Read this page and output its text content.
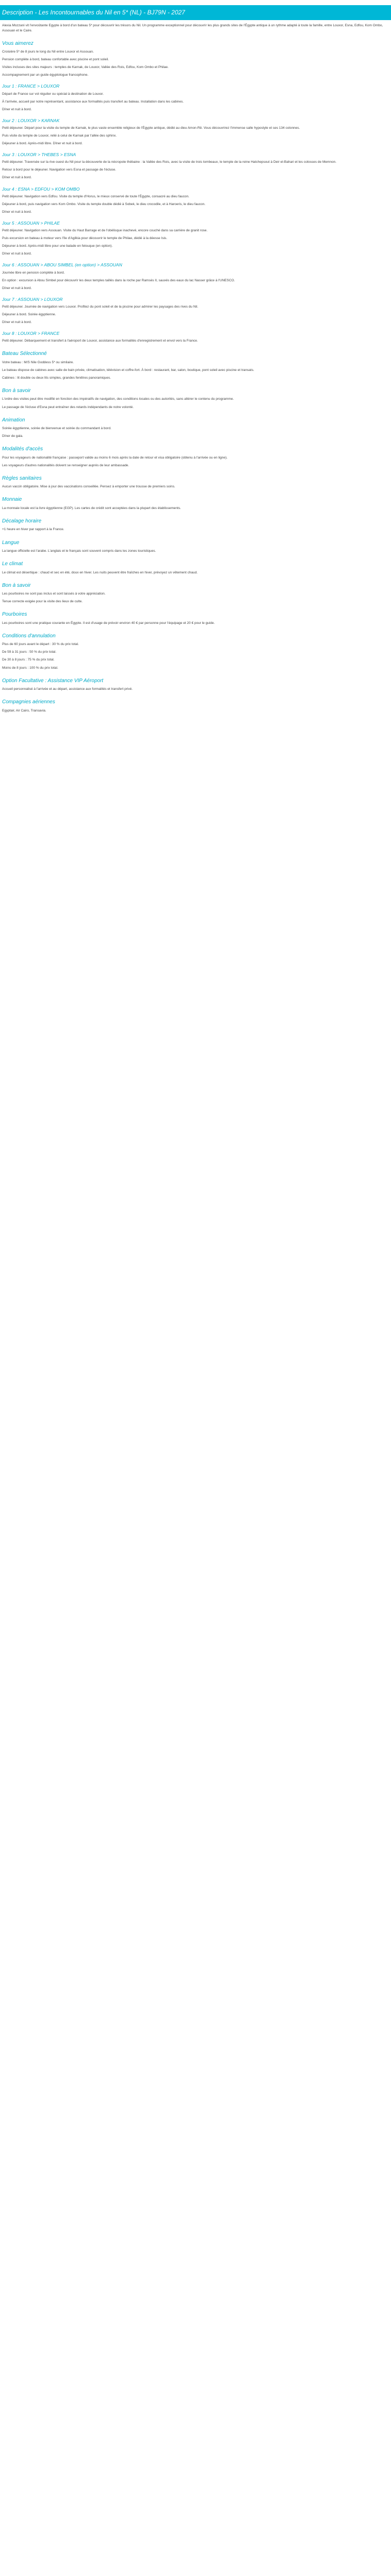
Description - Les Incontournables du Nil en 5* (NL) - BJ79N - 2027
Alexia Mozzani vit l'envoûtante Egypte à bord d'un bateau 5* pour découvrir les trésors du Nil. Un programme exceptionnel pour découvrir les plus grands sites de l'Égypte antique à un rythme adapté à toute la famille, entre Louxor, Esna, Edfou, Kom Ombo, Assouan et le Caire.
Vous aimerez

Croisière 5* de 8 jours le long du Nil entre Louxor et Assouan.

Pension complète à bord, bateau confortable avec piscine et pont soleil.

Visites incluses des sites majeurs : temples de Karnak, de Louxor, Vallée des Rois, Edfou, Kom Ombo et Philae.

Accompagnement par un guide égyptologue francophone.

Jour 1 : FRANCE > LOUXOR

Départ de France sur vol régulier ou spécial à destination de Louxor.

À l'arrivée, accueil par notre représentant, assistance aux formalités puis transfert au bateau. Installation dans les cabines.

Dîner et nuit à bord.

Jour 2 : LOUXOR > KARNAK

Petit déjeuner. Départ pour la visite du temple de Karnak, le plus vaste ensemble religieux de l'Égypte antique, dédié au dieu Amon-Rê. Vous découvrirez l'immense salle hypostyle et ses 134 colonnes.

Puis visite du temple de Louxor, relié à celui de Karnak par l'allée des sphinx.

Déjeuner à bord. Après-midi libre. Dîner et nuit à bord.

Jour 3 : LOUXOR > THEBES > ESNA

Petit déjeuner. Traversée sur la rive ouest du Nil pour la découverte de la nécropole thébaine : la Vallée des Rois, avec la visite de trois tombeaux, le temple de la reine Hatchepsout à Deir el-Bahari et les colosses de Memnon.

Retour à bord pour le déjeuner. Navigation vers Esna et passage de l'écluse.

Dîner et nuit à bord.

Jour 4 : ESNA > EDFOU > KOM OMBO

Petit déjeuner. Navigation vers Edfou. Visite du temple d'Horus, le mieux conservé de toute l'Égypte, consacré au dieu faucon.

Déjeuner à bord, puis navigation vers Kom Ombo. Visite du temple double dédié à Sobek, le dieu crocodile, et à Haroeris, le dieu faucon.

Dîner et nuit à bord.

Jour 5 : ASSOUAN > PHILAE

Petit déjeuner. Navigation vers Assouan. Visite du Haut Barrage et de l'obélisque inachevé, encore couché dans sa carrière de granit rose.

Puis excursion en bateau à moteur vers l'île d'Agilkia pour découvrir le temple de Philae, dédié à la déesse Isis.

Déjeuner à bord. Après-midi libre pour une balade en felouque (en option).

Dîner et nuit à bord.

Jour 6 : ASSOUAN > ABOU SIMBEL (en option) > ASSOUAN

Journée libre en pension complète à bord.

En option : excursion à Abou Simbel pour découvrir les deux temples taillés dans la roche par Ramsès II, sauvés des eaux du lac Nasser grâce à l'UNESCO.

Dîner et nuit à bord.

Jour 7 : ASSOUAN > LOUXOR

Petit déjeuner. Journée de navigation vers Louxor. Profitez du pont soleil et de la piscine pour admirer les paysages des rives du Nil.

Déjeuner à bord. Soirée égyptienne.

Dîner et nuit à bord.

Jour 8 : LOUXOR > FRANCE

Petit déjeuner. Débarquement et transfert à l'aéroport de Louxor, assistance aux formalités d'enregistrement et envol vers la France.

Bateau Sélectionné

Votre bateau : M/S Nile Goddess 5* ou similaire.

Le bateau dispose de cabines avec salle de bain privée, climatisation, télévision et coffre-fort. À bord : restaurant, bar, salon, boutique, pont soleil avec piscine et transats.

Cabines : lit double ou deux lits simples, grandes fenêtres panoramiques.

Bon à savoir

L'ordre des visites peut être modifié en fonction des impératifs de navigation, des conditions locales ou des autorités, sans altérer le contenu du programme.

Le passage de l'écluse d'Esna peut entraîner des retards indépendants de notre volonté.

Animation

Soirée égyptienne, soirée de bienvenue et soirée du commandant à bord.

Dîner de gala.

Modalités d'accès

Pour les voyageurs de nationalité française : passeport valide au moins 6 mois après la date de retour et visa obligatoire (obtenu à l'arrivée ou en ligne).

Les voyageurs d'autres nationalités doivent se renseigner auprès de leur ambassade.

Règles sanitaires

Aucun vaccin obligatoire. Mise à jour des vaccinations conseillée. Pensez à emporter une trousse de premiers soins.

Monnaie

La monnaie locale est la livre égyptienne (EGP). Les cartes de crédit sont acceptées dans la plupart des établissements.

Décalage horaire

+1 heure en hiver par rapport à la France.

Langue

La langue officielle est l'arabe. L'anglais et le français sont souvent compris dans les zones touristiques.

Le climat

Le climat est désertique : chaud et sec en été, doux en hiver. Les nuits peuvent être fraîches en hiver, prévoyez un vêtement chaud.

Bon à savoir

Les pourboires ne sont pas inclus et sont laissés à votre appréciation.

Tenue correcte exigée pour la visite des lieux de culte.

Pourboires

Les pourboires sont une pratique courante en Égypte. Il est d'usage de prévoir environ 40 € par personne pour l'équipage et 20 € pour le guide.

Conditions d'annulation

Plus de 60 jours avant le départ : 30 % du prix total.

De 59 à 31 jours : 50 % du prix total.

De 30 à 8 jours : 75 % du prix total.

Moins de 8 jours : 100 % du prix total.

Option Facultative : Assistance VIP Aéroport

Accueil personnalisé à l'arrivée et au départ, assistance aux formalités et transfert privé.

Compagnies aériennes

Egyptair, Air Cairo, Transavia.
